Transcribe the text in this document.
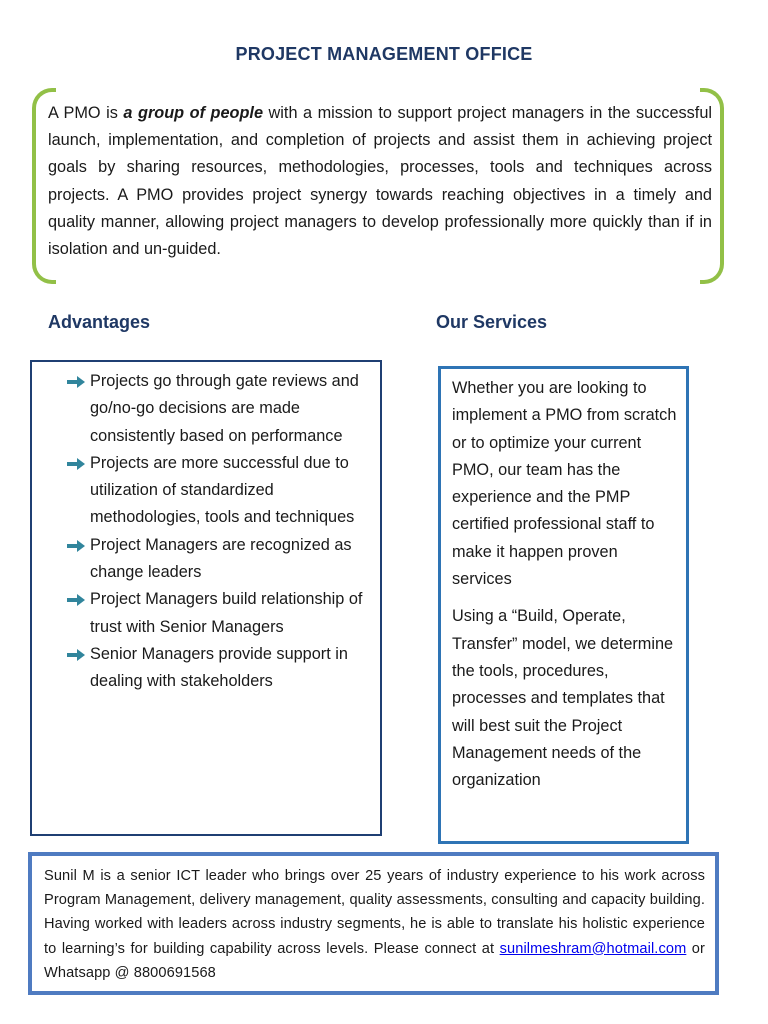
PROJECT MANAGEMENT OFFICE
A PMO is a group of people with a mission to support project managers in the successful launch, implementation, and completion of projects and assist them in achieving project goals by sharing resources, methodologies, processes, tools and techniques across projects. A PMO provides project synergy towards reaching objectives in a timely and quality manner, allowing project managers to develop professionally more quickly than if in isolation and un-guided.
Advantages	Our Services
Projects go through gate reviews and go/no-go decisions are made consistently based on performance
Projects are more successful due to utilization of standardized methodologies, tools and techniques
Project Managers are recognized as change leaders
Project Managers build relationship of trust with Senior Managers
Senior Managers provide support in dealing with stakeholders

Whether you are looking to implement a PMO from scratch or to optimize your current PMO, our team has the experience and the PMP certified professional staff to make it happen proven services

Using a “Build, Operate, Transfer” model, we determine the tools, procedures, processes and templates that will best suit the Project Management needs of the organization

Sunil M is a senior ICT leader who brings over 25 years of industry experience to his work across Program Management, delivery management, quality assessments, consulting and capacity building. Having worked with leaders across industry segments, he is able to translate his holistic experience to learning’s for building capability across levels. Please connect at sunilmeshram@hotmail.com or Whatsapp @ 8800691568
